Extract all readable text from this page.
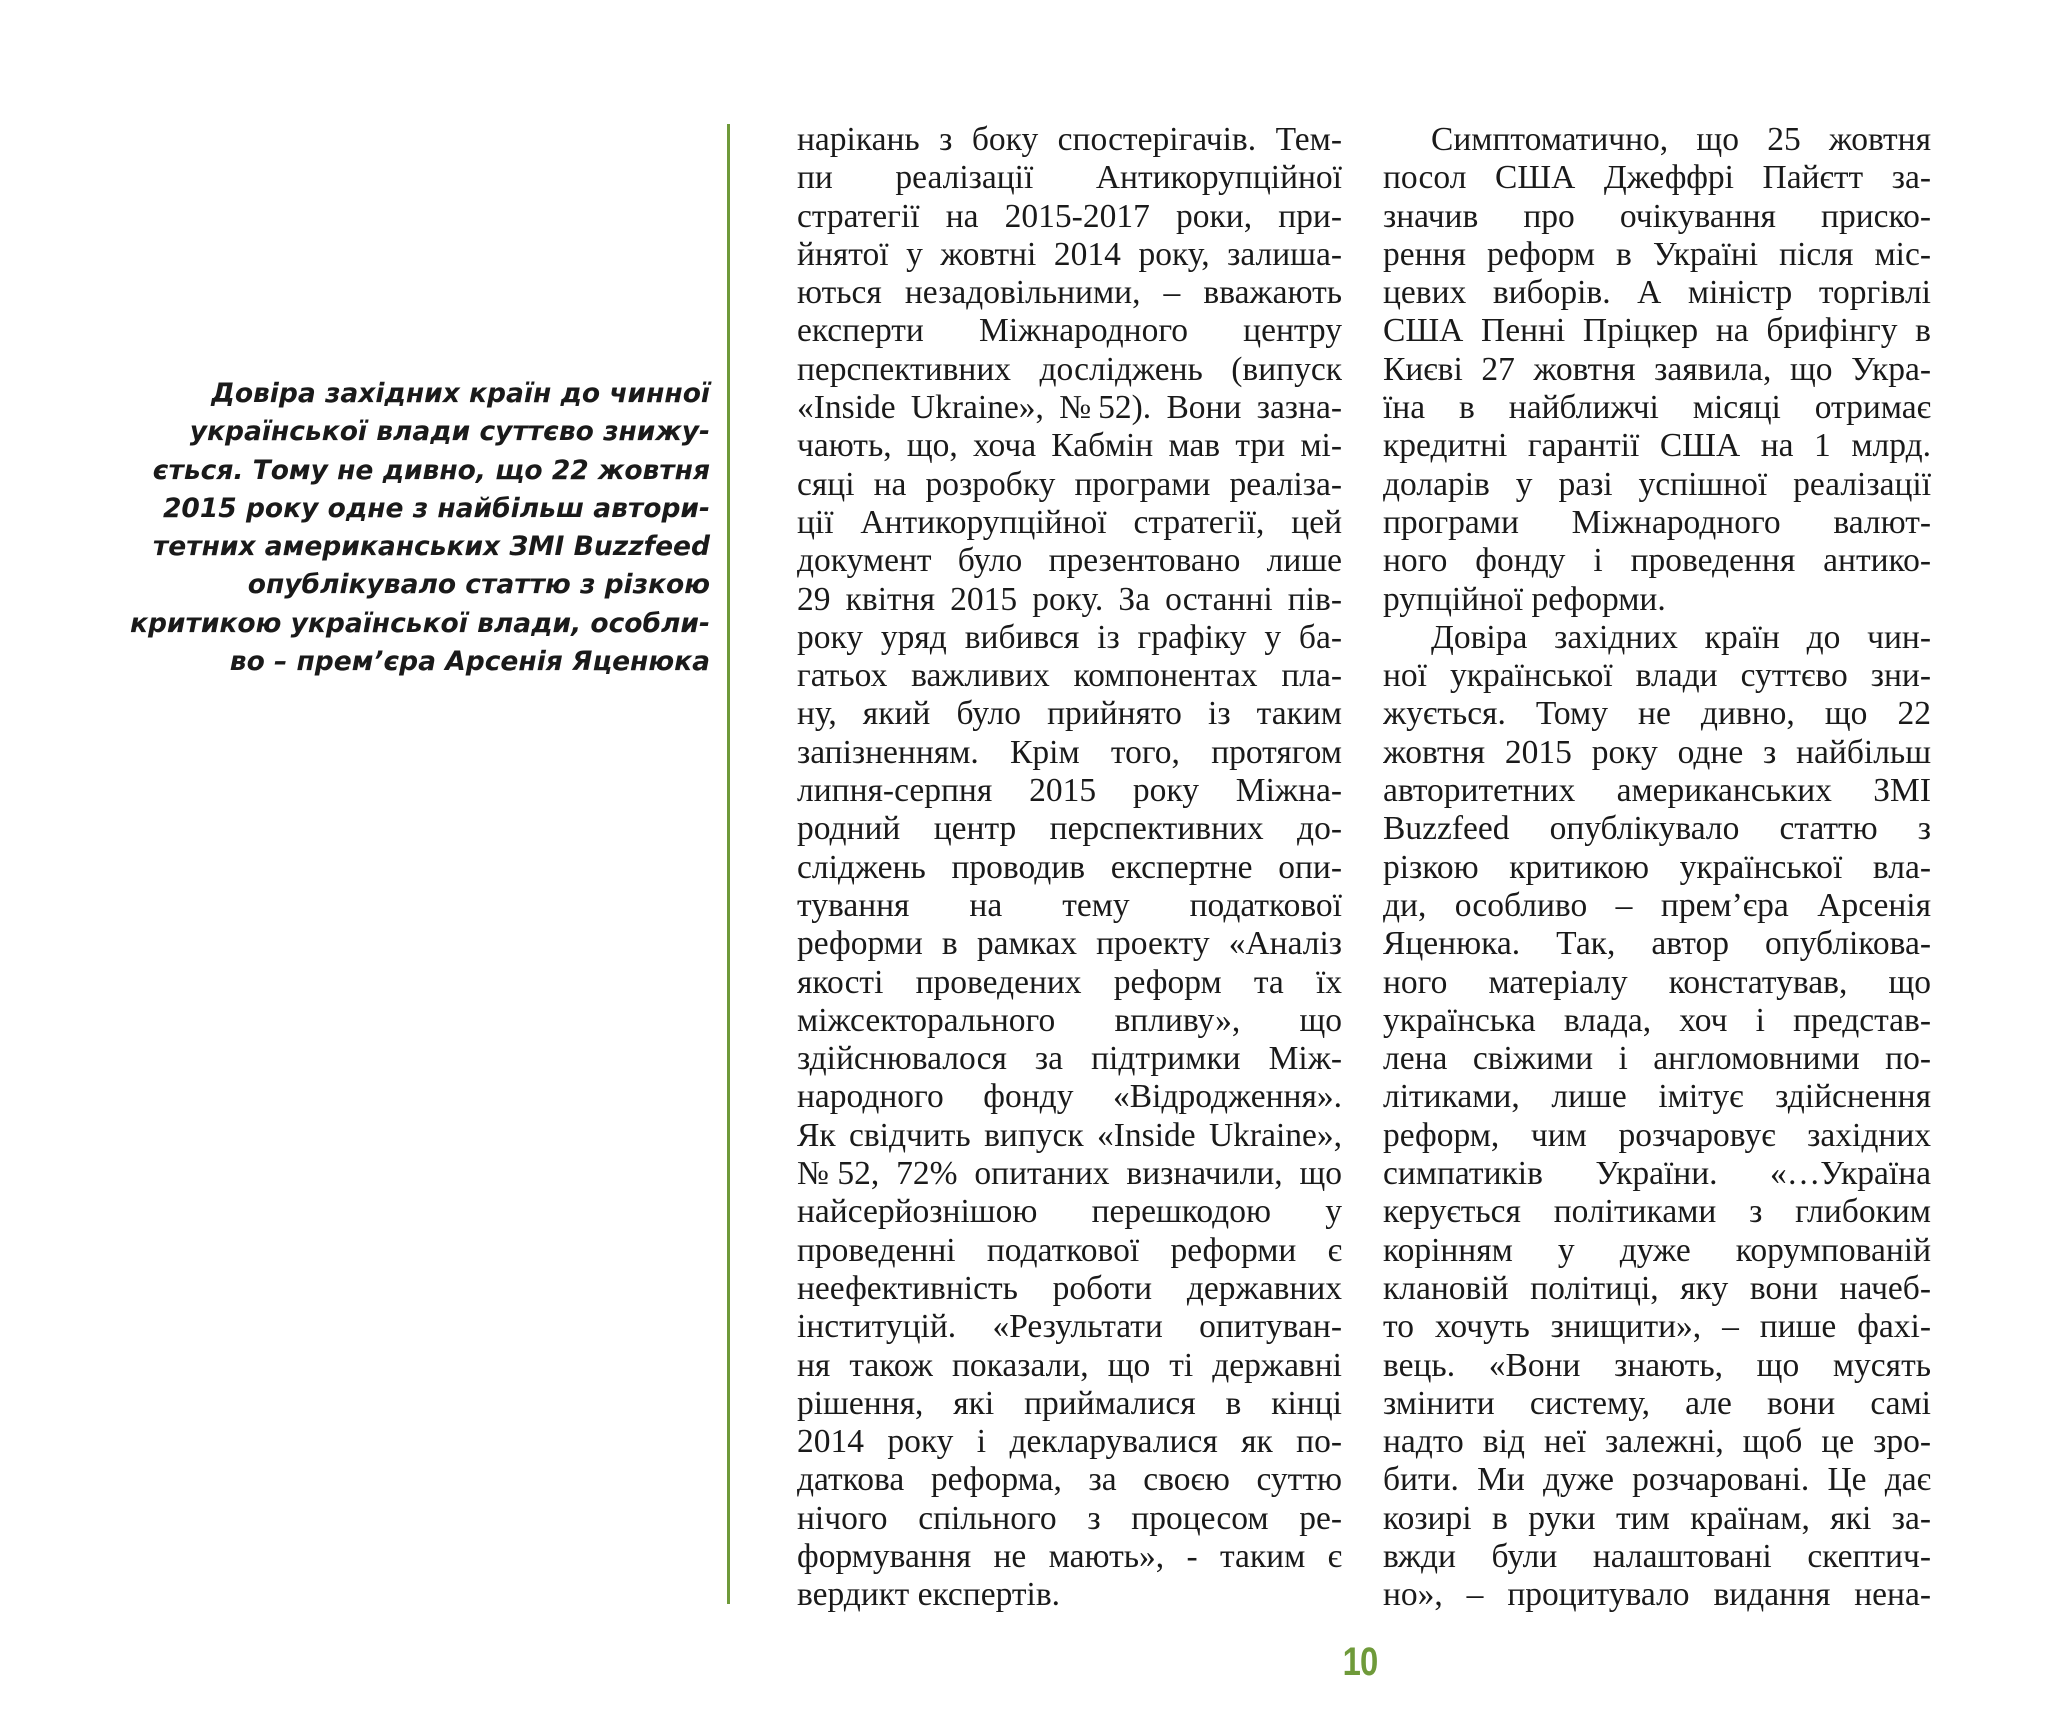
Довіра західних країн до чинної
української влади суттєво знижу-
ється. Тому не дивно, що 22 жовтня
2015 року одне з найбільш автори-
тетних американських ЗМІ Buzzfeed
опублікувало статтю з різкою
критикою української влади, особли-
во – прем’єра Арсенія Яценюка
нарікань з боку спостерігачів. Тем-
пи реалізації Антикорупційної
стратегії на 2015-2017 роки, при-
йнятої у жовтні 2014 року, залиша-
ються незадовільними, – вважають
експерти Міжнародного центру
перспективних досліджень (випуск
«Inside Ukraine», №52). Вони зазна-
чають, що, хоча Кабмін мав три мі-
сяці на розробку програми реаліза-
ції Антикорупційної стратегії, цей
документ було презентовано лише
29 квітня 2015 року. За останні пів-
року уряд вибився із графіку у ба-
гатьох важливих компонентах пла-
ну, який було прийнято із таким
запізненням. Крім того, протягом
липня-серпня 2015 року Міжна-
родний центр перспективних до-
сліджень проводив експертне опи-
тування на тему податкової
реформи в рамках проекту «Аналіз
якості проведених реформ та їх
міжсекторального впливу», що
здійснювалося за підтримки Між-
народного фонду «Відродження».
Як свідчить випуск «Inside Ukraine»,
№52, 72% опитаних визначили, що
найсерйознішою перешкодою у
проведенні податкової реформи є
неефективність роботи державних
інституцій. «Результати опитуван-
ня також показали, що ті державні
рішення, які приймалися в кінці
2014 року і декларувалися як по-
даткова реформа, за своєю суттю
нічого спільного з процесом ре-
формування не мають», - таким є
вердикт експертів.
Симптоматично, що 25 жовтня
посол США Джеффрі Пайєтт за-
значив про очікування приско-
рення реформ в Україні після міс-
цевих виборів. А міністр торгівлі
США Пенні Пріцкер на брифінгу в
Києві 27 жовтня заявила, що Укра-
їна в найближчі місяці отримає
кредитні гарантії США на 1 млрд.
доларів у разі успішної реалізації
програми Міжнародного валют-
ного фонду і проведення антико-
рупційної реформи.
Довіра західних країн до чин-
ної української влади суттєво зни-
жується. Тому не дивно, що 22
жовтня 2015 року одне з найбільш
авторитетних американських ЗМІ
Buzzfeed опублікувало статтю з
різкою критикою української вла-
ди, особливо – прем’єра Арсенія
Яценюка. Так, автор опублікова-
ного матеріалу констатував, що
українська влада, хоч і представ-
лена свіжими і англомовними по-
літиками, лише імітує здійснення
реформ, чим розчаровує західних
симпатиків України. «…Україна
керується політиками з глибоким
корінням у дуже корумпованій
клановій політиці, яку вони начеб-
то хочуть знищити», – пише фахі-
вець. «Вони знають, що мусять
змінити систему, але вони самі
надто від неї залежні, щоб це зро-
бити. Ми дуже розчаровані. Це дає
козирі в руки тим країнам, які за-
вжди були налаштовані скептич-
но», – процитувало видання нена-
10
